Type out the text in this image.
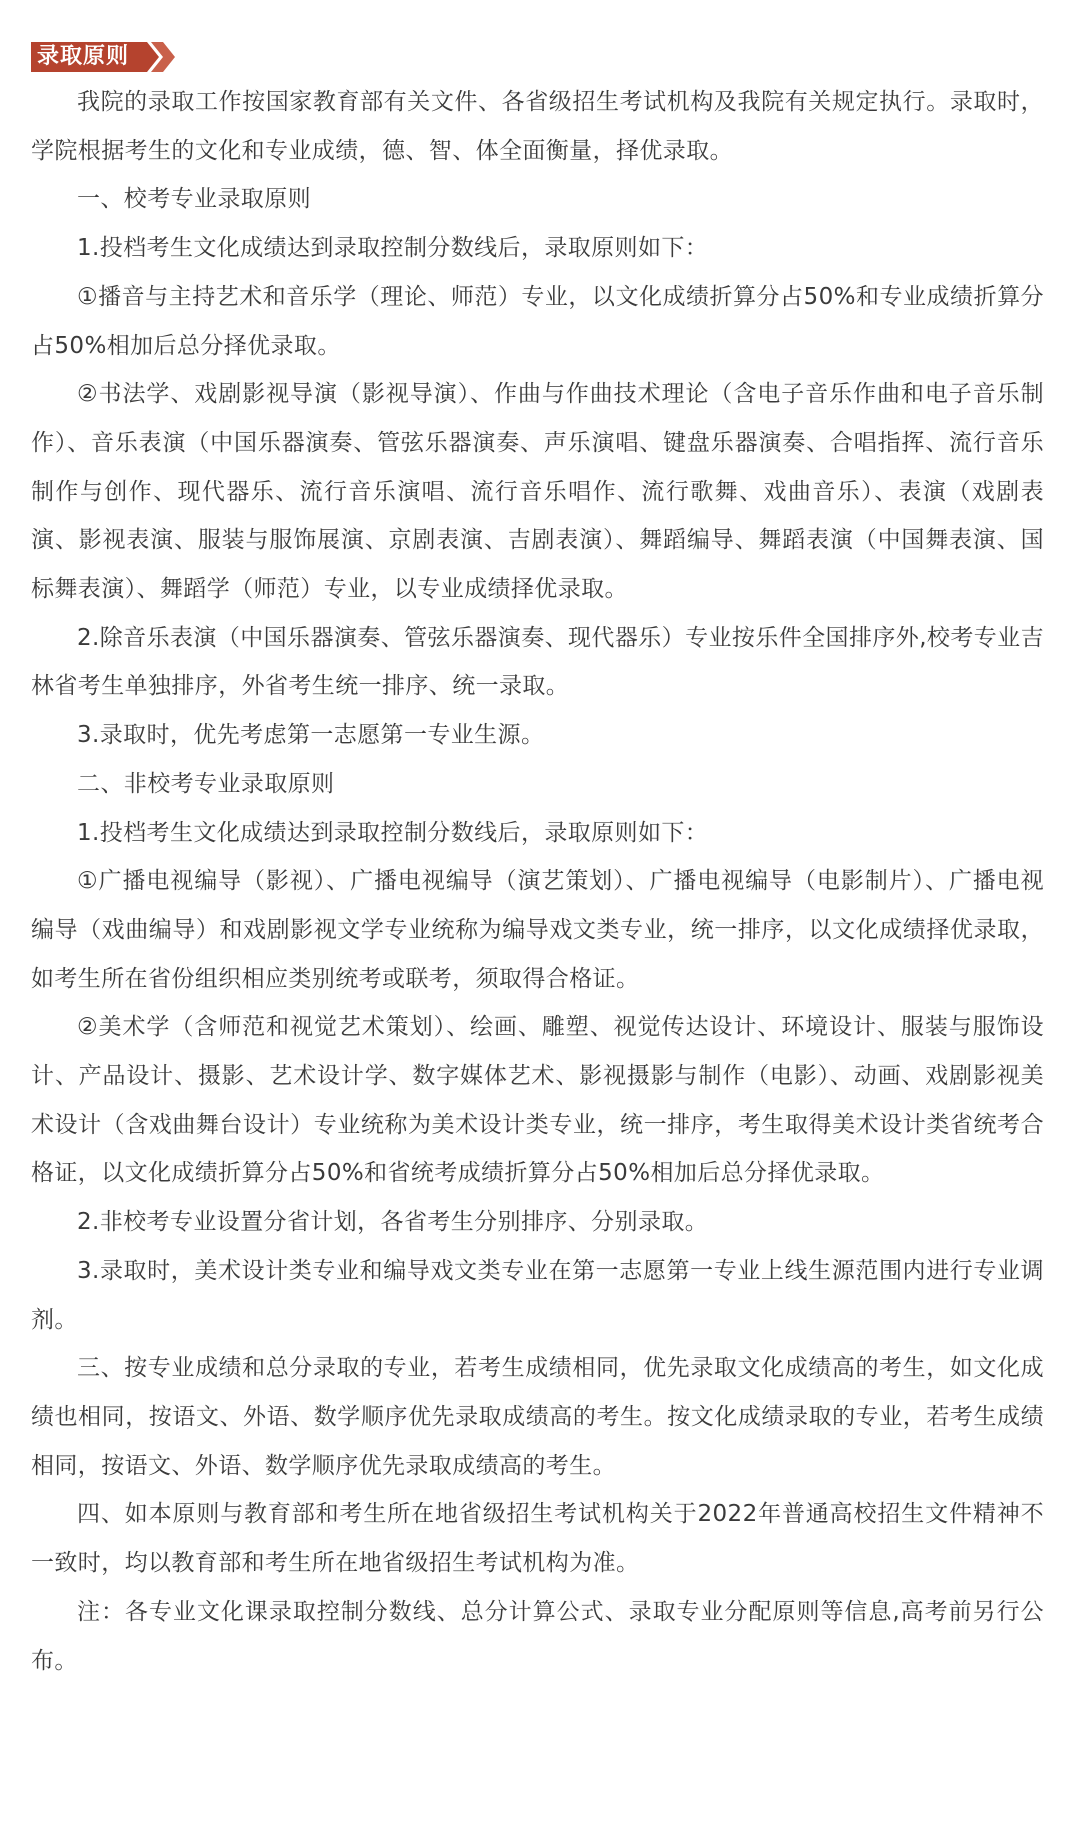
录取原则

我院的录取工作按国家教育部有关文件、各省级招生考试机构及我院有关规定执行。录取时，学院根据考生的文化和专业成绩，德、智、体全面衡量，择优录取。

一、校考专业录取原则

1.投档考生文化成绩达到录取控制分数线后，录取原则如下：

①播音与主持艺术和音乐学（理论、师范）专业，以文化成绩折算分占50%和专业成绩折算分占50%相加后总分择优录取。

②书法学、戏剧影视导演（影视导演）、作曲与作曲技术理论（含电子音乐作曲和电子音乐制作）、音乐表演（中国乐器演奏、管弦乐器演奏、声乐演唱、键盘乐器演奏、合唱指挥、流行音乐制作与创作、现代器乐、流行音乐演唱、流行音乐唱作、流行歌舞、戏曲音乐）、表演（戏剧表演、影视表演、服装与服饰展演、京剧表演、吉剧表演）、舞蹈编导、舞蹈表演（中国舞表演、国标舞表演）、舞蹈学（师范）专业，以专业成绩择优录取。

2.除音乐表演（中国乐器演奏、管弦乐器演奏、现代器乐）专业按乐件全国排序外,校考专业吉林省考生单独排序，外省考生统一排序、统一录取。

3.录取时，优先考虑第一志愿第一专业生源。

二、非校考专业录取原则

1.投档考生文化成绩达到录取控制分数线后，录取原则如下：

①广播电视编导（影视）、广播电视编导（演艺策划）、广播电视编导（电影制片）、广播电视编导（戏曲编导）和戏剧影视文学专业统称为编导戏文类专业，统一排序，以文化成绩择优录取，如考生所在省份组织相应类别统考或联考，须取得合格证。

②美术学（含师范和视觉艺术策划）、绘画、雕塑、视觉传达设计、环境设计、服装与服饰设计、产品设计、摄影、艺术设计学、数字媒体艺术、影视摄影与制作（电影）、动画、戏剧影视美术设计（含戏曲舞台设计）专业统称为美术设计类专业，统一排序，考生取得美术设计类省统考合格证，以文化成绩折算分占50%和省统考成绩折算分占50%相加后总分择优录取。

2.非校考专业设置分省计划，各省考生分别排序、分别录取。

3.录取时，美术设计类专业和编导戏文类专业在第一志愿第一专业上线生源范围内进行专业调剂。

三、按专业成绩和总分录取的专业，若考生成绩相同，优先录取文化成绩高的考生，如文化成绩也相同，按语文、外语、数学顺序优先录取成绩高的考生。按文化成绩录取的专业，若考生成绩相同，按语文、外语、数学顺序优先录取成绩高的考生。

四、如本原则与教育部和考生所在地省级招生考试机构关于2022年普通高校招生文件精神不一致时，均以教育部和考生所在地省级招生考试机构为准。

注：各专业文化课录取控制分数线、总分计算公式、录取专业分配原则等信息,高考前另行公布。
